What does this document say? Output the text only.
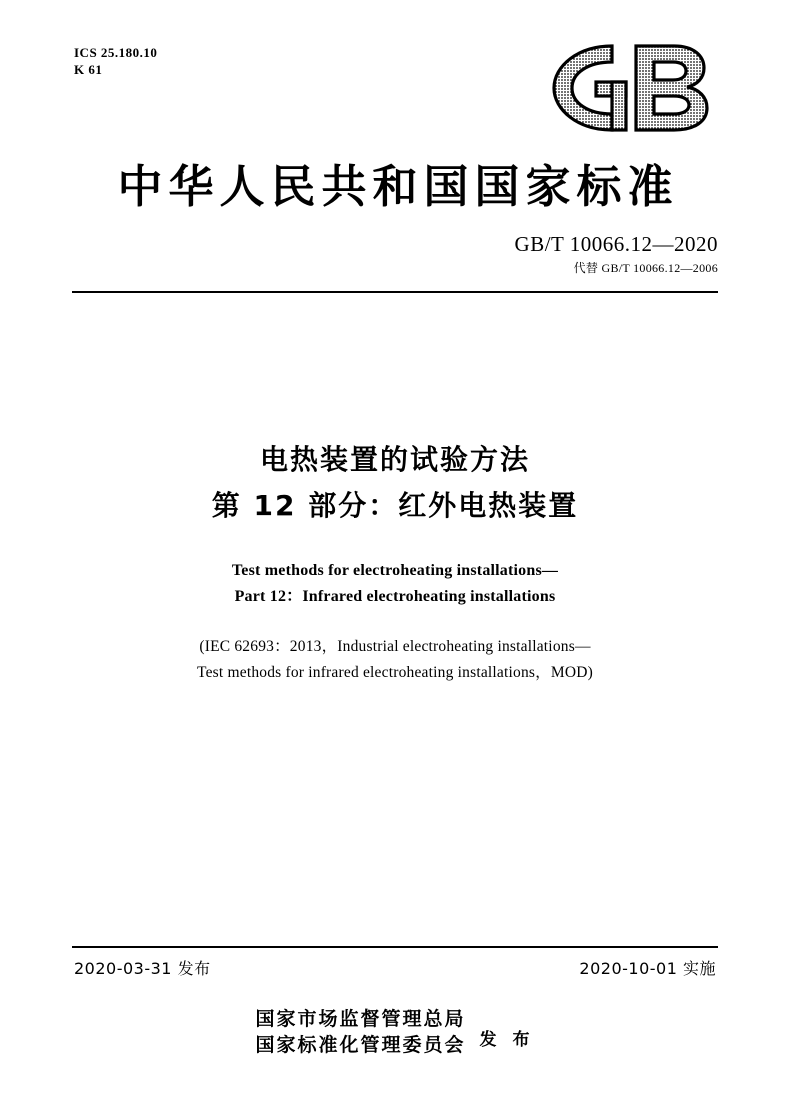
ICS 25.180.10
K 61
中华人民共和国国家标准
GB/T 10066.12—2020
代替 GB/T 10066.12—2006
电热装置的试验方法
第 12 部分：红外电热装置
Test methods for electroheating installations—
Part 12：Infrared electroheating installations
(IEC 62693：2013，Industrial electroheating installations—
Test methods for infrared electroheating installations，MOD)
2020-03-31 发布	2020-10-01 实施
国家市场监督管理总局
国家标准化管理委员会 发 布
